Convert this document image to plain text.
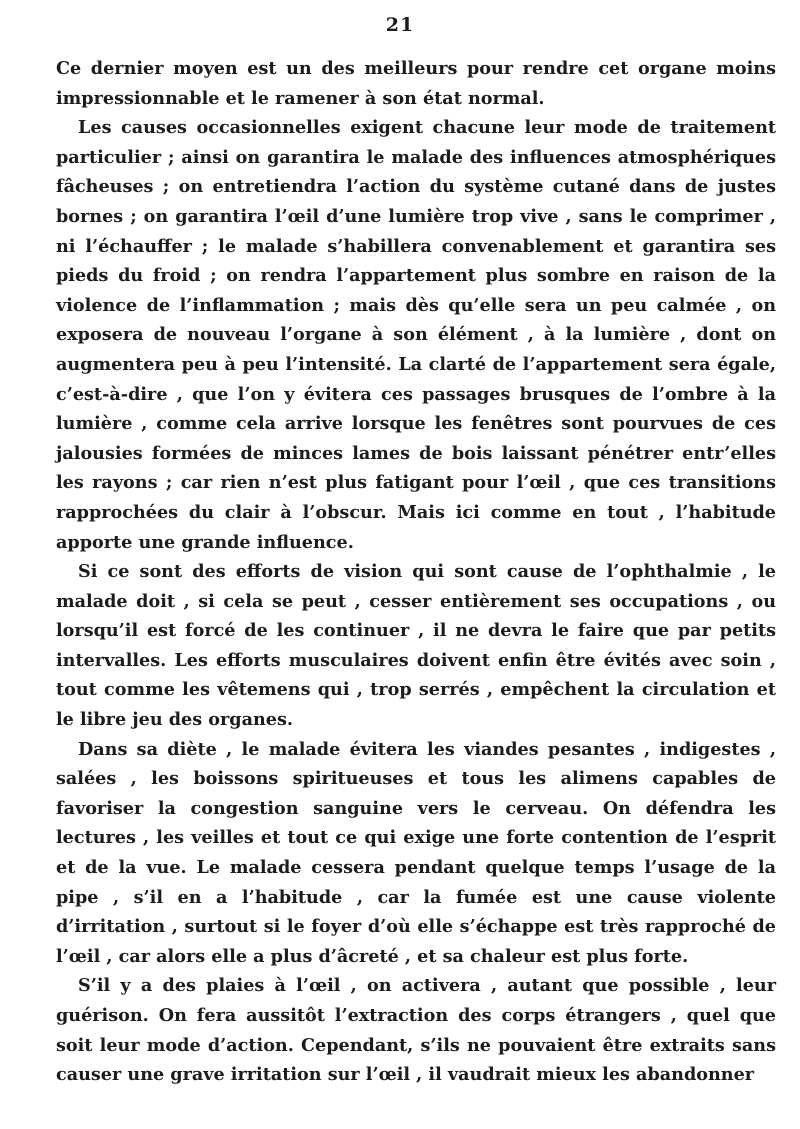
21

Ce dernier moyen est un des meilleurs pour rendre cet organe moins impressionnable et le ramener à son état normal.

Les causes occasionnelles exigent chacune leur mode de traitement particulier ; ainsi on garantira le malade des influences atmosphériques fâcheuses ; on entretiendra l’action du système cutané dans de justes bornes ; on garantira l’œil d’une lumière trop vive , sans le comprimer , ni l’échauffer ; le malade s’habillera convenablement et garantira ses pieds du froid ; on rendra l’appartement plus sombre en raison de la violence de l’inflammation ; mais dès qu’elle sera un peu calmée , on exposera de nouveau l’organe à son élément , à la lumière , dont on augmentera peu à peu l’intensité. La clarté de l’appartement sera égale, c’est-à-dire , que l’on y évitera ces passages brusques de l’ombre à la lumière , comme cela arrive lorsque les fenêtres sont pourvues de ces jalousies formées de minces lames de bois laissant pénétrer entr’elles les rayons ; car rien n’est plus fatigant pour l’œil , que ces transitions rapprochées du clair à l’obscur. Mais ici comme en tout , l’habitude apporte une grande influence.

Si ce sont des efforts de vision qui sont cause de l’ophthalmie , le malade doit , si cela se peut , cesser entièrement ses occupations , ou lorsqu’il est forcé de les continuer , il ne devra le faire que par petits intervalles. Les efforts musculaires doivent enfin être évités avec soin , tout comme les vêtemens qui , trop serrés , empêchent la circulation et le libre jeu des organes.

Dans sa diète , le malade évitera les viandes pesantes , indigestes , salées , les boissons spiritueuses et tous les alimens capables de favoriser la congestion sanguine vers le cerveau. On défendra les lectures , les veilles et tout ce qui exige une forte contention de l’esprit et de la vue. Le malade cessera pendant quelque temps l’usage de la pipe , s’il en a l’habitude , car la fumée est une cause violente d’irritation , surtout si le foyer d’où elle s’échappe est très rapproché de l’œil , car alors elle a plus d’âcreté , et sa chaleur est plus forte.

S’il y a des plaies à l’œil , on activera , autant que possible , leur guérison. On fera aussitôt l’extraction des corps étrangers , quel que soit leur mode d’action. Cependant, s’ils ne pouvaient être extraits sans causer une grave irritation sur l’œil , il vaudrait mieux les abandonner
